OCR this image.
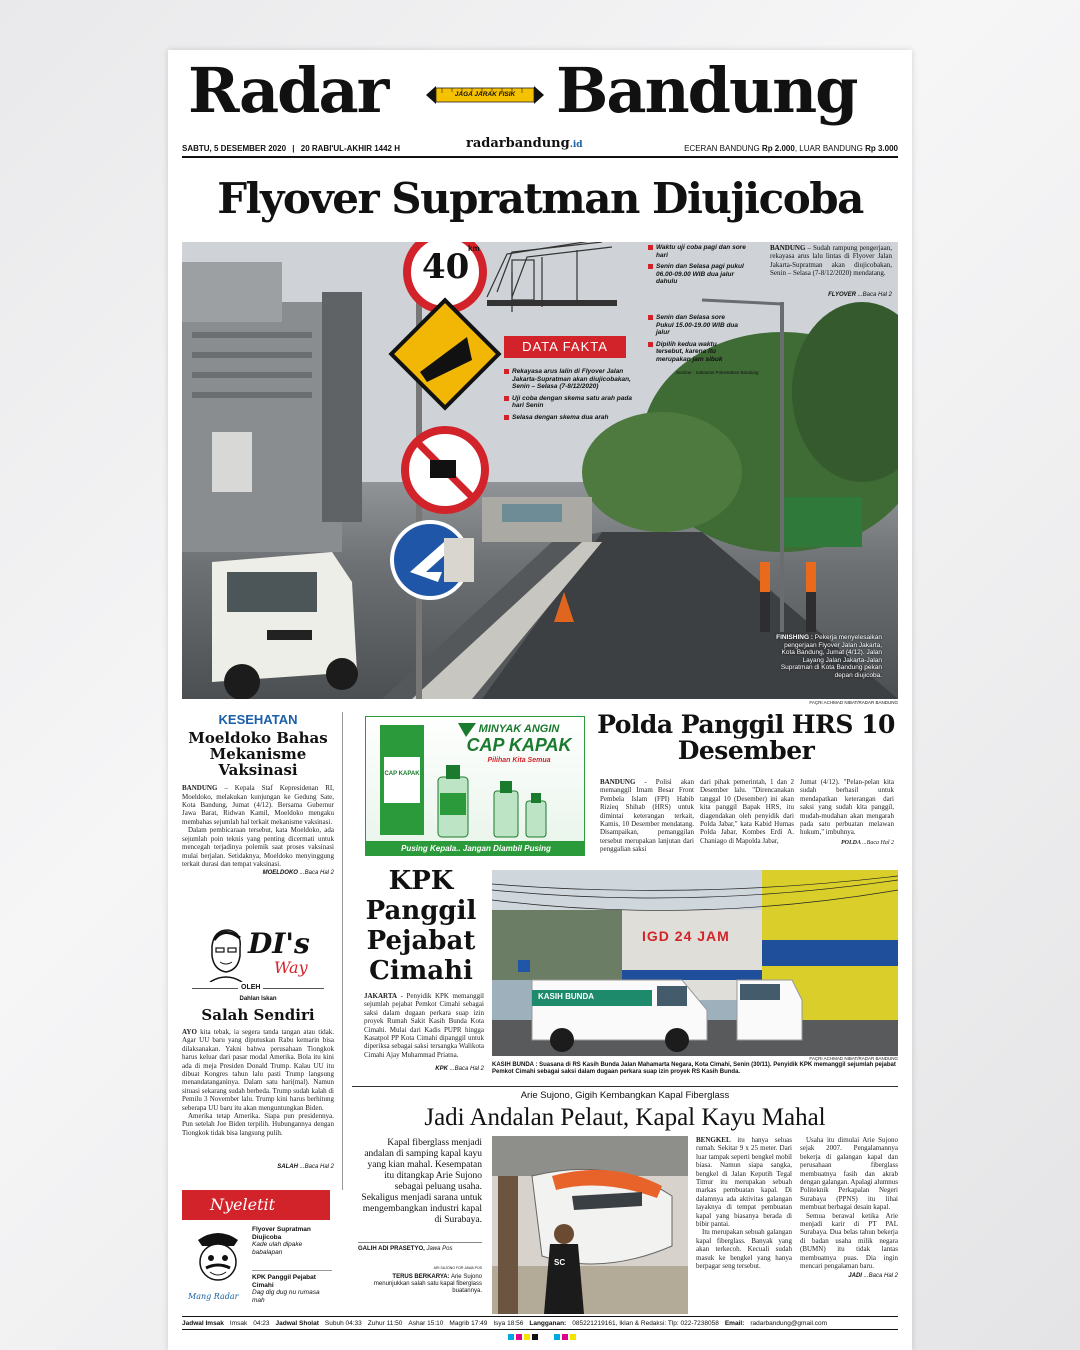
Radar	JAGA JARAK FISIK Bandung
SABTU, 5 DESEMBER 2020 | 20 RABI'UL-AKHIR 1442 H	radarbandung.id	ECERAN BANDUNG Rp 2.000, LUAR BANDUNG Rp 3.000
Flyover Supratman Diujicoba
40
km
DATA FAKTA
Waktu uji coba pagi dan sore hari
Senin dan Selasa pagi pukul 06.00-09.00 WIB dua jalur dahulu
Senin dan Selasa sore Pukul 15.00-19.00 WIB dua jalur
Dipilih kedua waktu tersebut, karena itu merupakan jam sibuk
Sumber : Satlantas Polrestabes Bandung
Rekayasa arus lalin di Flyover Jalan Jakarta-Supratman akan diujicobakan, Senin – Selasa (7-8/12/2020)
Uji coba dengan skema satu arah pada hari Senin
Selasa dengan skema dua arah
BANDUNG – Sudah rampung pengerjaan, rekayasa arus lalu lintas di Flyover Jalan Jakarta-Supratman akan diujicobakan, Senin – Selasa (7-8/12/2020) mendatang.
FLYOVER ...Baca Hal 2
FINISHING : Pekerja menyelesaikan pengerjaan Flyover Jalan Jakarta, Kota Bandung, Jumat (4/12). Jalan Layang Jalan Jakarta-Jalan Supratman di Kota Bandung pekan depan diujicoba.
FAÇRI ACHMAD NIBAT/RADAR BANDUNG
KESEHATAN
Moeldoko Bahas Mekanisme Vaksinasi
BANDUNG – Kepala Staf Kepresidenan RI, Moeldoko, melakukan kunjungan ke Gedung Sate, Kota Bandung, Jumat (4/12). Bersama Gubernur Jawa Barat, Ridwan Kamil, Moeldoko mengaku membahas sejumlah hal terkait mekanisme vaksinasi.
Dalam pembicaraan tersebut, kata Moeldoko, ada sejumlah poin teknis yang penting dicermati untuk mencegah terjadinya polemik saat proses vaksinasi mulai berjalan. Setidaknya, Moeldoko menyinggung terkait durasi dan tempat vaksinasi.
MOELDOKO ...Baca Hal 2
DI's
Way
OLEH
Dahlan Iskan
Salah Sendiri
AYO kita tebak, ia segera tanda tangan atau tidak. Agar UU baru yang diputuskan Rabu kemarin bisa dilaksanakan. Yakni bahwa perusahaan Tiongkok harus keluar dari pasar modal Amerika. Bola itu kini ada di meja Presiden Donald Trump. Kalau UU itu dibuat Kongres tahun lalu pasti Trump langsung menandatanganinya. Dalam satu hari(mal). Namun situasi sekarang sudah berbeda. Trump sudah kalah di Pemilu 3 November lalu. Trump kini harus berhitung seberapa UU baru itu akan menguntungkan Biden.
Amerika tetap Amerika. Siapa pun presidennya. Pun setelah Joe Biden terpilih. Hubungannya dengan Tiongkok tidak bisa langsung pulih.
SALAH ...Baca Hal 2
Nyeletit
Mang Radar
Flyover Supratman Diujicoba
Kade ulah dipake babalapan
KPK Panggil Pejabat Cimahi
Dag dig dug nu rumasa mah
MINYAK ANGIN
CAP KAPAK
Pilihan Kita Semua
CAP KAPAK
Pusing Kepala.. Jangan Diambil Pusing
Polda Panggil HRS 10 Desember
BANDUNG - Polisi akan memanggil Imam Besar Front Pembela Islam (FPI) Habib Rizieq Shihab (HRS) untuk dimintai keterangan terkait, Kamis, 10 Desember mendatang. Disampaikan, pemanggilan tersebut merupakan lanjutan dari penggalian saksi
dari pihak pemerintah, 1 dan 2 Desember lalu. "Direncanakan tanggal 10 (Desember) ini akan kita panggil Bapak HRS, itu diagendakan oleh penyidik dari Polda Jabar," kata Kabid Humas Polda Jabar, Kombes Erdi A. Chaniago di Mapolda Jabar,
Jumat (4/12). "Pelan-pelan kita sudah berhasil untuk mendapatkan keterangan dari saksi yang sudah kita panggil, mudah-mudahan akan mengarah pada satu perbuatan melawan hukum," imbuhnya.
POLDA ...Baca Hal 2
KPK Panggil Pejabat Cimahi
JAKARTA - Penyidik KPK memanggil sejumlah pejabat Pemkot Cimahi sebagai saksi dalam dugaan perkara suap izin proyek Rumah Sakit Kasih Bunda Kota Cimahi. Mulai dari Kadis PUPR hingga Kasatpol PP Kota Cimahi dipanggil untuk diperiksa sebagai saksi tersangka Walikota Cimahi Ajay Muhammad Priatna.
KPK ...Baca Hal 2
IGD 24 JAM
KASIH BUNDA
FAÇRI ACHMAD NIBAT/RADAR BANDUNG
KASIH BUNDA : Suasana di RS Kasih Bunda Jalan Mahamarta Negara, Kota Cimahi, Senin (30/11). Penyidik KPK memanggil sejumlah pejabat Pemkot Cimahi sebagai saksi dalam dugaan perkara suap izin proyek RS Kasih Bunda.
Arie Sujono, Gigih Kembangkan Kapal Fiberglass
Jadi Andalan Pelaut, Kapal Kayu Mahal
Kapal fiberglass menjadi andalan di samping kapal kayu yang kian mahal. Kesempatan itu ditangkap Arie Sujono sebagai peluang usaha. Sekaligus menjadi sarana untuk mengembangkan industri kapal di Surabaya.
GALIH ADI PRASETYO, Jawa Pos
ARI SUJONO FOR JAWA POS
TERUS BERKARYA: Arie Sujono menunjukkan salah satu kapal fiberglass buatannya.
SC
BENGKEL itu hanya seluas rumah. Sekitar 9 x 25 meter. Dari luar tampak seperti bengkel mobil biasa. Namun siapa sangka, bengkel di Jalan Keputih Tegal Timur itu merupakan sebuah markas pembuatan kapal. Di dalamnya ada aktivitas galangan layaknya di tempat pembuatan kapal yang biasanya berada di bibir pantai.
Itu merupakan sebuah galangan kapal fiberglass. Banyak yang akan terkecoh. Kecuali sudah masuk ke bengkel yang hanya berpagar seng tersebut.
Usaha itu dimulai Arie Sujono sejak 2007. Pengalamannya bekerja di galangan kapal dan perusahaan fiberglass membuatnya fasih dan akrab dengan galangan. Apalagi alumnus Politeknik Perkapalan Negeri Surabaya (PPNS) itu lihai membuat berbagai desain kapal.
Semua berawal ketika Arie menjadi karir di PT PAL Surabaya. Dua belas tahun bekerja di badan usaha milik negara (BUMN) itu tidak lantas membuatnya puas. Dia ingin mencari pengalaman baru.
JADI ...Baca Hal 2
Jadwal Imsak Imsak 04:23 Jadwal Sholat Subuh 04:33 Zuhur 11:50 Ashar 15:10 Magrib 17:49 Isya 18:56 Langganan: 085221219161, Iklan & Redaksi: Tlp: 022-7238058 Email: radarbandung@gmail.com
